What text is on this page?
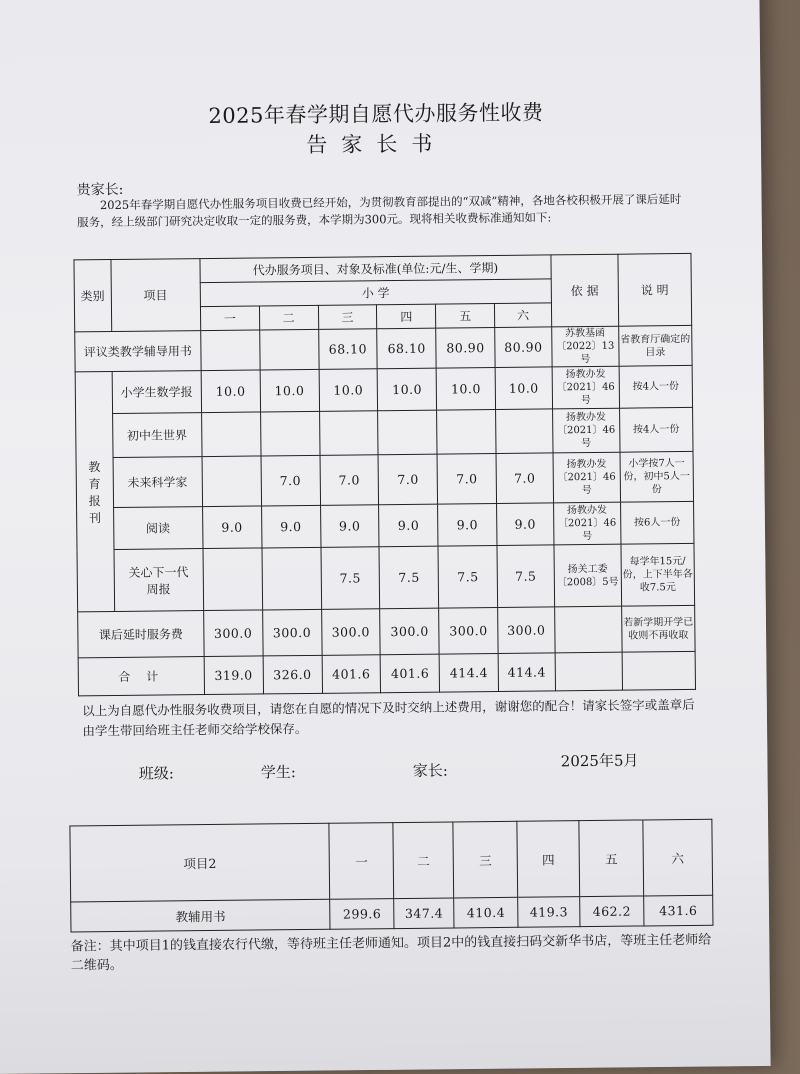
2025年春学期自愿代办服务性收费
告家长书
贵家长:
2025年春学期自愿代办性服务项目收费已经开始，为贯彻教育部提出的“双减”精神，各地各校积极开展了课后延时服务，经上级部门研究决定收取一定的服务费，本学期为300元。现将相关收费标准通知如下:
类别	项目	代办服务项目、对象及标准(单位:元/生、学期)						依 据	说 明
		小 学							
		一	二	三	四	五	六		
评议类教学辅导用书				68.10	68.10	80.90	80.90	苏教基函〔2022〕13号	省教育厅确定的目录
教育报刊	小学生数学报	10.0	10.0	10.0	10.0	10.0	10.0	扬教办发〔2021〕46号	按4人一份
	初中生世界							扬教办发〔2021〕46号	按4人一份
	未来科学家		7.0	7.0	7.0	7.0	7.0	扬教办发〔2021〕46号	小学按7人一份，初中5人一份
	阅读	9.0	9.0	9.0	9.0	9.0	9.0	扬教办发〔2021〕46号	按6人一份
	关心下一代周报			7.5	7.5	7.5	7.5	扬关工委〔2008〕5号	每学年15元/份，上下半年各收7.5元
课后延时服务费		300.0	300.0	300.0	300.0	300.0	300.0		若新学期开学已收则不再收取
合 计		319.0	326.0	401.6	401.6	414.4	414.4		
以上为自愿代办性服务收费项目，请您在自愿的情况下及时交纳上述费用，谢谢您的配合！请家长签字或盖章后由学生带回给班主任老师交给学校保存。
班级:	学生:	家长:
2025年5月
项目2	一	二	三	四	五	六
教辅用书	299.6	347.4	410.4	419.3	462.2	431.6
备注：其中项目1的钱直接农行代缴，等待班主任老师通知。项目2中的钱直接扫码交新华书店，等班主任老师给二维码。
